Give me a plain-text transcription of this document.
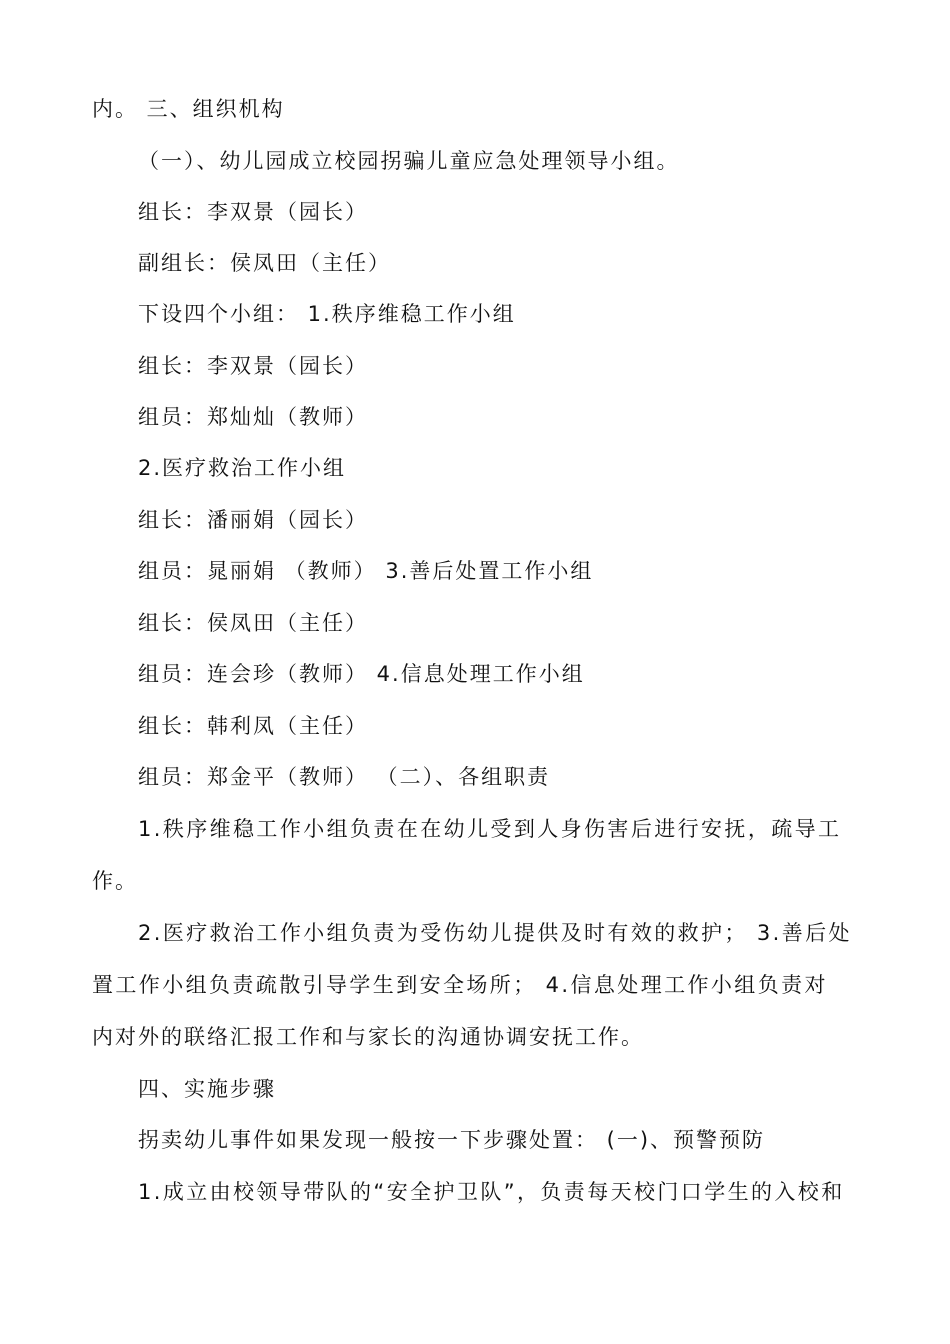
内。 三、组织机构
（一）、幼儿园成立校园拐骗儿童应急处理领导小组。
组长：李双景（园长）
副组长：侯凤田（主任）
下设四个小组： 1.秩序维稳工作小组
组长：李双景（园长）
组员：郑灿灿（教师）
2.医疗救治工作小组
组长：潘丽娟（园长）
组员：晁丽娟 （教师） 3.善后处置工作小组
组长：侯凤田（主任）
组员：连会珍（教师） 4.信息处理工作小组
组长：韩利凤（主任）
组员：郑金平（教师） （二）、各组职责
1.秩序维稳工作小组负责在在幼儿受到人身伤害后进行安抚，疏导工
作。
2.医疗救治工作小组负责为受伤幼儿提供及时有效的救护； 3.善后处
置工作小组负责疏散引导学生到安全场所； 4.信息处理工作小组负责对
内对外的联络汇报工作和与家长的沟通协调安抚工作。
四、实施步骤
拐卖幼儿事件如果发现一般按一下步骤处置： (一)、预警预防
1.成立由校领导带队的“安全护卫队”，负责每天校门口学生的入校和
